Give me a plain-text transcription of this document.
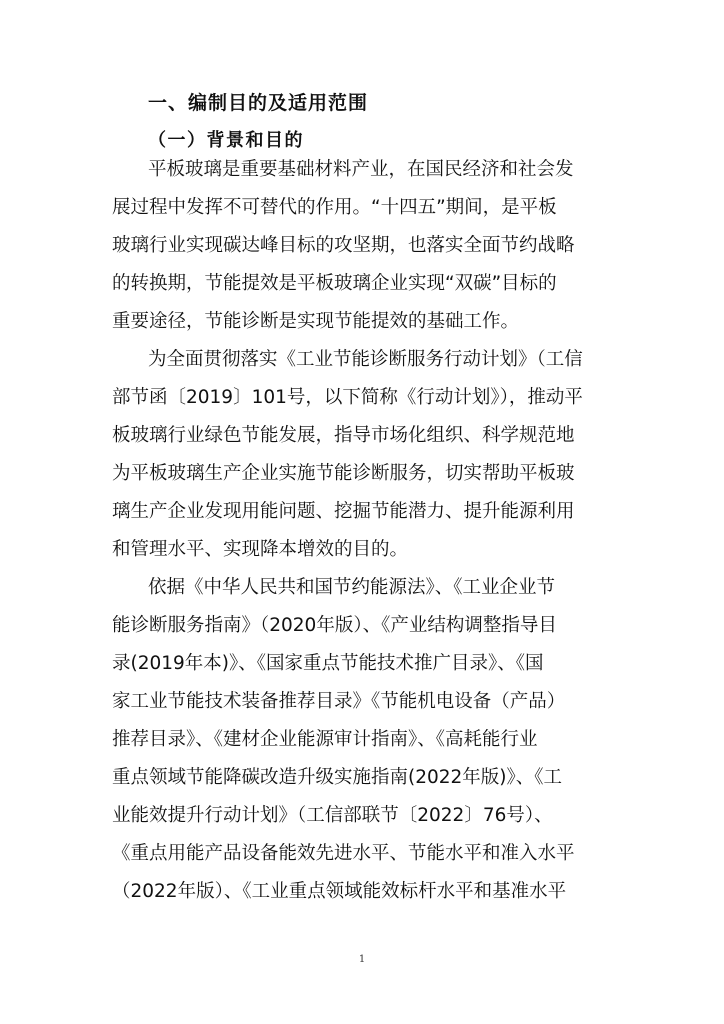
一、编制目的及适用范围
（一）背景和目的
平板玻璃是重要基础材料产业，在国民经济和社会发
展过程中发挥不可替代的作用。“十四五”期间，是平板
玻璃行业实现碳达峰目标的攻坚期，也落实全面节约战略
的转换期，节能提效是平板玻璃企业实现“双碳”目标的
重要途径，节能诊断是实现节能提效的基础工作。
为全面贯彻落实《工业节能诊断服务行动计划》（工信
部节函〔2019〕101号，以下简称《行动计划》），推动平
板玻璃行业绿色节能发展，指导市场化组织、科学规范地
为平板玻璃生产企业实施节能诊断服务，切实帮助平板玻
璃生产企业发现用能问题、挖掘节能潜力、提升能源利用
和管理水平、实现降本增效的目的。
依据《中华人民共和国节约能源法》、《工业企业节
能诊断服务指南》（2020年版）、《产业结构调整指导目
录(2019年本)》、《国家重点节能技术推广目录》、《国
家工业节能技术装备推荐目录》《节能机电设备（产品）
推荐目录》、《建材企业能源审计指南》、《高耗能行业
重点领域节能降碳改造升级实施指南(2022年版)》、《工
业能效提升行动计划》（工信部联节〔2022〕76号）、
《重点用能产品设备能效先进水平、节能水平和准入水平
（2022年版）、《工业重点领域能效标杆水平和基准水平
1
